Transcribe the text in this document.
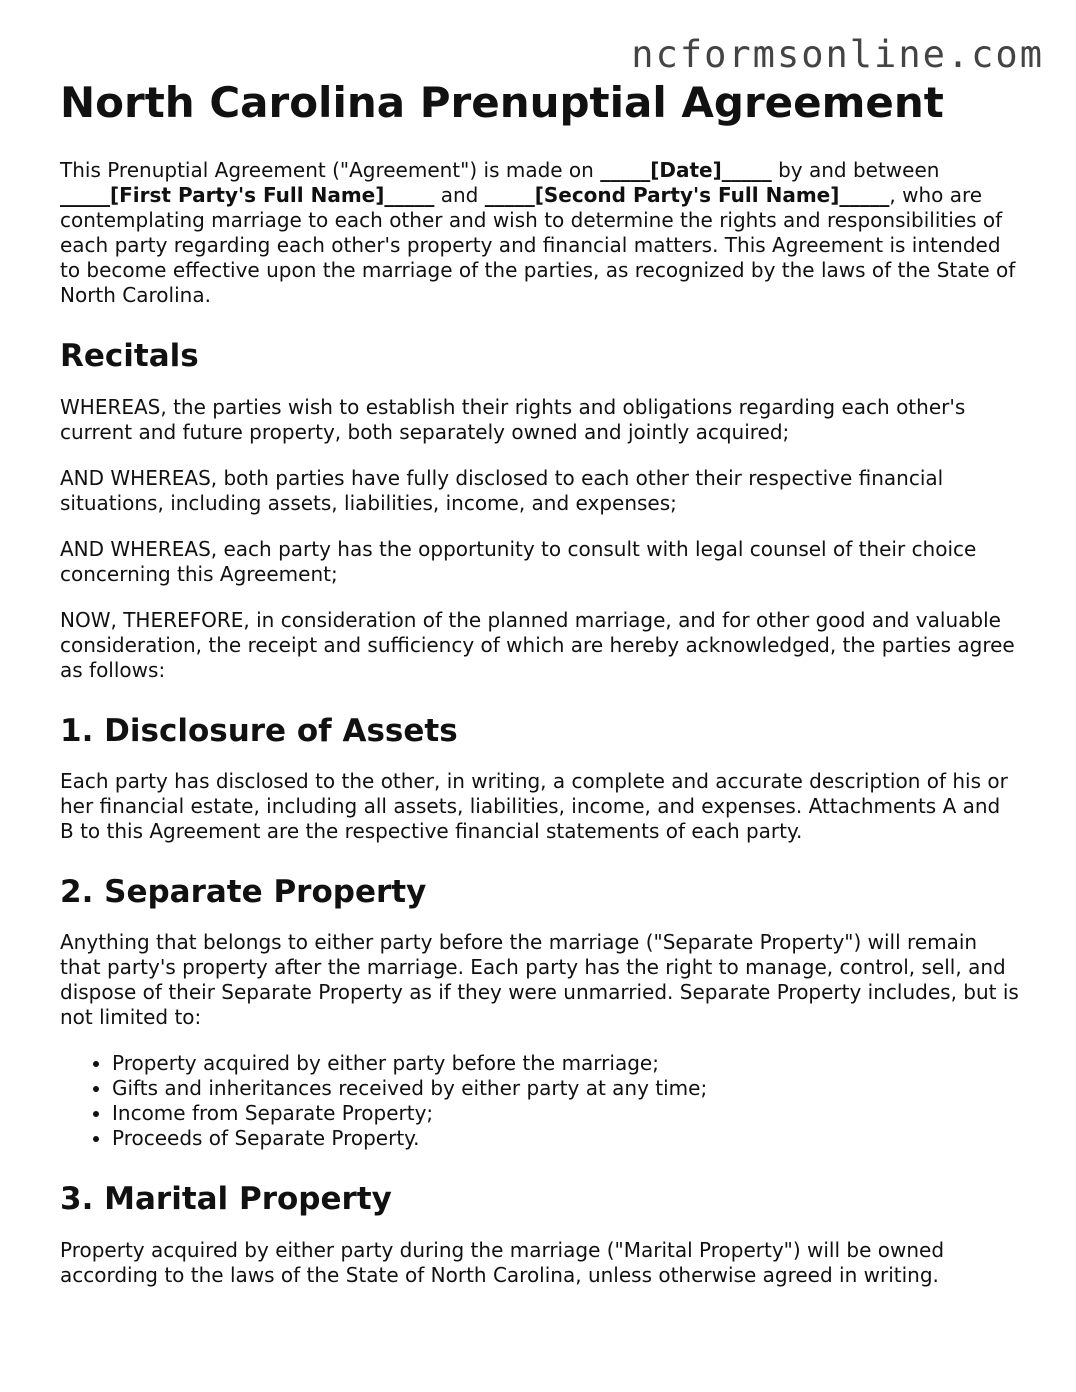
ncformsonline.com
North Carolina Prenuptial Agreement

This Prenuptial Agreement ("Agreement") is made on _____[Date]_____ by and between _____[First Party's Full Name]_____ and _____[Second Party's Full Name]_____, who are contemplating marriage to each other and wish to determine the rights and responsibilities of each party regarding each other's property and financial matters. This Agreement is intended to become effective upon the marriage of the parties, as recognized by the laws of the State of North Carolina.

Recitals

WHEREAS, the parties wish to establish their rights and obligations regarding each other's current and future property, both separately owned and jointly acquired;

AND WHEREAS, both parties have fully disclosed to each other their respective financial situations, including assets, liabilities, income, and expenses;

AND WHEREAS, each party has the opportunity to consult with legal counsel of their choice concerning this Agreement;

NOW, THEREFORE, in consideration of the planned marriage, and for other good and valuable consideration, the receipt and sufficiency of which are hereby acknowledged, the parties agree as follows:

1. Disclosure of Assets

Each party has disclosed to the other, in writing, a complete and accurate description of his or her financial estate, including all assets, liabilities, income, and expenses. Attachments A and B to this Agreement are the respective financial statements of each party.

2. Separate Property

Anything that belongs to either party before the marriage ("Separate Property") will remain that party's property after the marriage. Each party has the right to manage, control, sell, and dispose of their Separate Property as if they were unmarried. Separate Property includes, but is not limited to:

• Property acquired by either party before the marriage;
• Gifts and inheritances received by either party at any time;
• Income from Separate Property;
• Proceeds of Separate Property.
3. Marital Property

Property acquired by either party during the marriage ("Marital Property") will be owned according to the laws of the State of North Carolina, unless otherwise agreed in writing.
